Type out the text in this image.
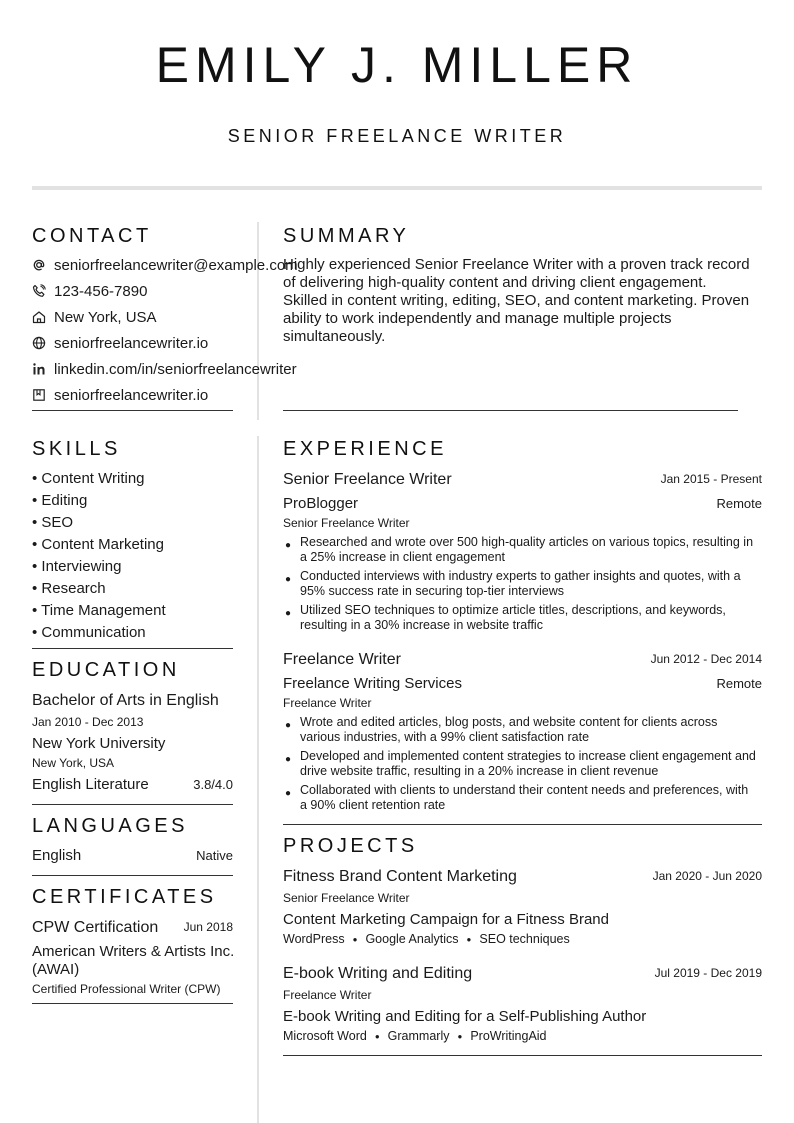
EMILY J. MILLER
SENIOR FREELANCE WRITER
CONTACT
seniorfreelancewriter@example.com
123-456-7890
New York, USA
seniorfreelancewriter.io
linkedin.com/in/seniorfreelancewriter
seniorfreelancewriter.io
SUMMARY
Highly experienced Senior Freelance Writer with a proven track record of delivering high-quality content and driving client engagement. Skilled in content writing, editing, SEO, and content marketing. Proven ability to work independently and manage multiple projects simultaneously.
SKILLS
• Content Writing
• Editing
• SEO
• Content Marketing
• Interviewing
• Research
• Time Management
• Communication
EDUCATION
Bachelor of Arts in English
Jan 2010 - Dec 2013
New York University
New York, USA
English Literature	3.8/4.0
LANGUAGES
English	Native
CERTIFICATES
CPW Certification	Jun 2018
American Writers & Artists Inc. (AWAI)
Certified Professional Writer (CPW)
EXPERIENCE
Senior Freelance Writer	Jan 2015 - Present
ProBlogger	Remote
Senior Freelance Writer
● Researched and wrote over 500 high-quality articles on various topics, resulting in a 25% increase in client engagement
● Conducted interviews with industry experts to gather insights and quotes, with a 95% success rate in securing top-tier interviews
● Utilized SEO techniques to optimize article titles, descriptions, and keywords, resulting in a 30% increase in website traffic
Freelance Writer	Jun 2012 - Dec 2014
Freelance Writing Services	Remote
Freelance Writer
● Wrote and edited articles, blog posts, and website content for clients across various industries, with a 99% client satisfaction rate
● Developed and implemented content strategies to increase client engagement and drive website traffic, resulting in a 20% increase in client revenue
● Collaborated with clients to understand their content needs and preferences, with a 90% client retention rate
PROJECTS
Fitness Brand Content Marketing	Jan 2020 - Jun 2020
Senior Freelance Writer
Content Marketing Campaign for a Fitness Brand
WordPress ● Google Analytics ● SEO techniques
E-book Writing and Editing	Jul 2019 - Dec 2019
Freelance Writer
E-book Writing and Editing for a Self-Publishing Author
Microsoft Word ● Grammarly ● ProWritingAid
